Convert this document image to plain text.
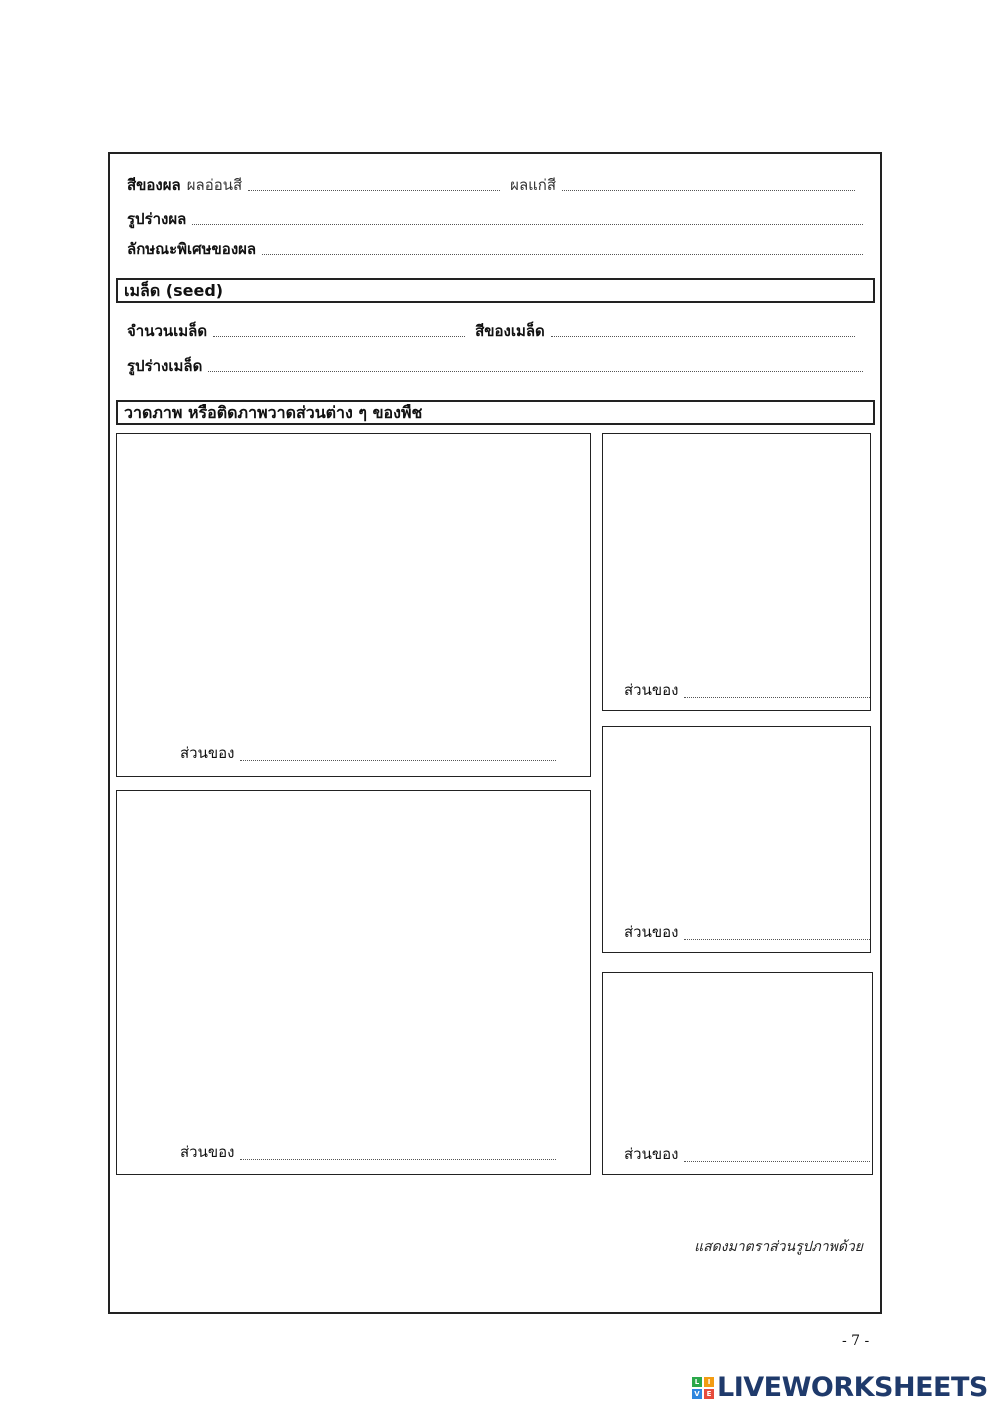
สีของผล ผลอ่อนสี	ผลแก่สี
รูปร่างผล
ลักษณะพิเศษของผล
เมล็ด (seed)
จำนวนเมล็ด	สีของเมล็ด
รูปร่างเมล็ด
วาดภาพ หรือติดภาพวาดส่วนต่าง ๆ ของพืช
ส่วนของ
ส่วนของ
ส่วนของ
ส่วนของ
ส่วนของ
แสดงมาตราส่วนรูปภาพด้วย
- 7 -
L	I
V E LIVEWORKSHEETS
